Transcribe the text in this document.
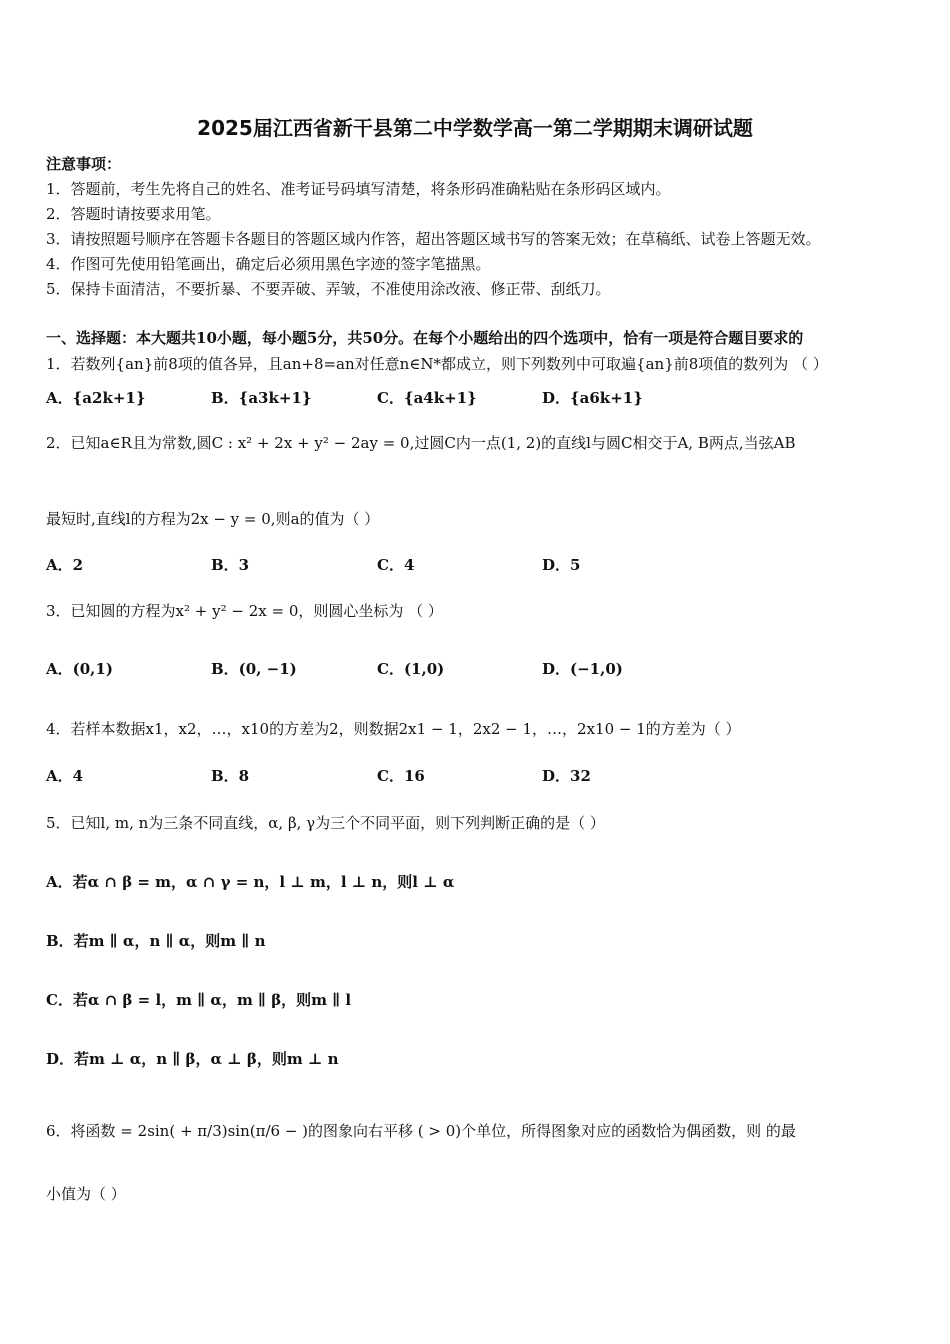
2025届江西省新干县第二中学数学高一第二学期期末调研试题
注意事项：
1．答题前，考生先将自己的姓名、准考证号码填写清楚，将条形码准确粘贴在条形码区域内。
2．答题时请按要求用笔。
3．请按照题号顺序在答题卡各题目的答题区域内作答，超出答题区域书写的答案无效；在草稿纸、试卷上答题无效。
4．作图可先使用铅笔画出，确定后必须用黑色字迹的签字笔描黑。
5．保持卡面清洁，不要折暴、不要弄破、弄皱，不准使用涂改液、修正带、刮纸刀。
一、选择题：本大题共10小题，每小题5分，共50分。在每个小题给出的四个选项中，恰有一项是符合题目要求的
1．若数列{an}前8项的值各异，且an+8=an对任意n∈N*都成立，则下列数列中可取遍{an}前8项值的数列为 （ ）
A．{a2k+1}	B．{a3k+1}	C．{a4k+1}	D．{a6k+1}
2．已知a∈R且为常数,圆C : x² + 2x + y² − 2ay = 0,过圆C内一点(1, 2)的直线l与圆C相交于A, B两点,当弦AB
最短时,直线l的方程为2x − y = 0,则a的值为（ ）
A．2	B．3	C．4	D．5
3．已知圆的方程为x² + y² − 2x = 0，则圆心坐标为 （ ）
A．(0,1)	B．(0, −1)	C．(1,0)	D．(−1,0)
4．若样本数据x1，x2，…，x10的方差为2，则数据2x1 − 1，2x2 − 1，…，2x10 − 1的方差为（ ）
A．4	B．8	C．16	D．32
5．已知l, m, n为三条不同直线，α, β, γ为三个不同平面，则下列判断正确的是（ ）
A．若α ∩ β = m，α ∩ γ = n，l ⊥ m，l ⊥ n，则l ⊥ α
B．若m ∥ α，n ∥ α，则m ∥ n
C．若α ∩ β = l，m ∥ α，m ∥ β，则m ∥ l
D．若m ⊥ α，n ∥ β，α ⊥ β，则m ⊥ n
6．将函数 = 2sin( + π/3)sin(π/6 − )的图象向右平移 ( > 0)个单位，所得图象对应的函数恰为偶函数，则 的最
小值为（ ）
